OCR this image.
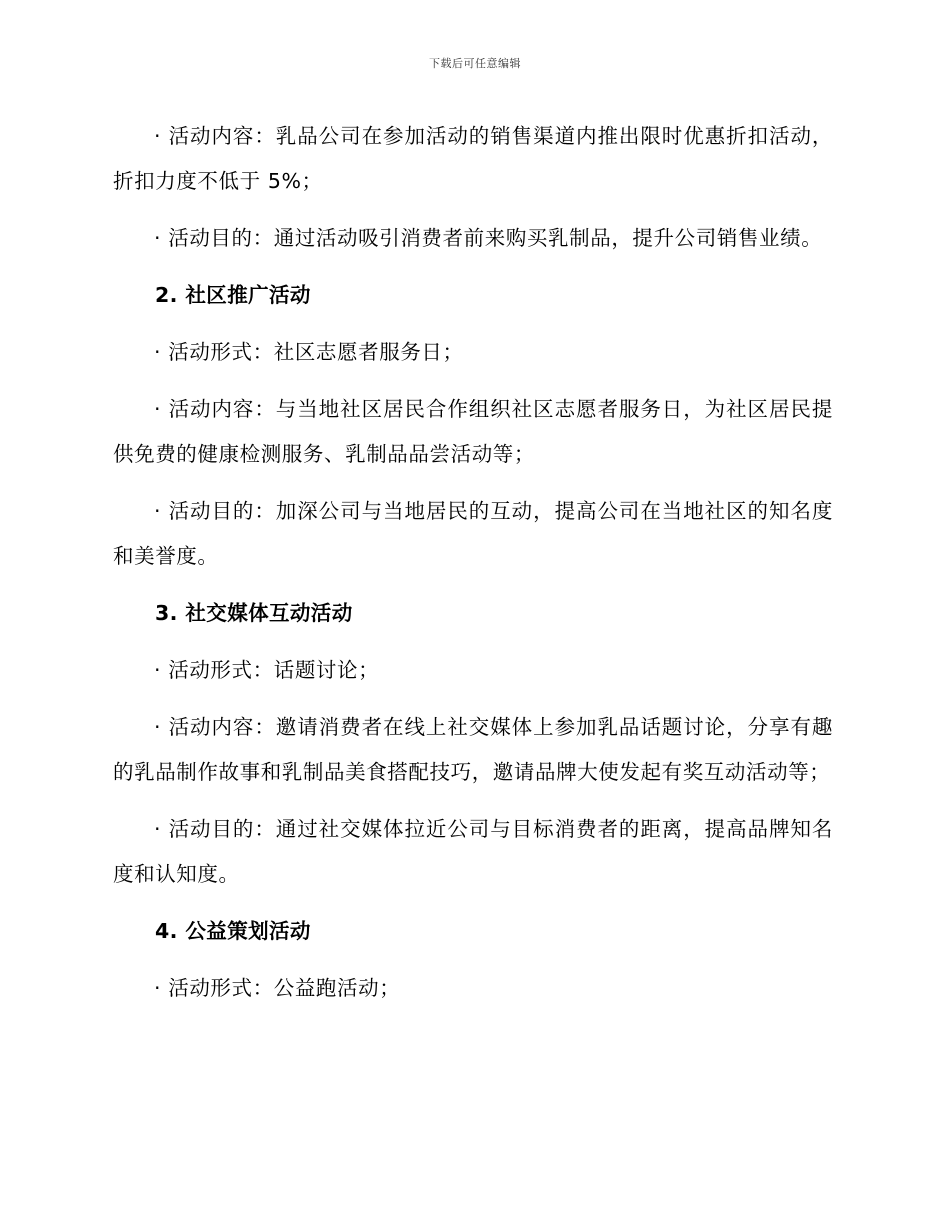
下载后可任意编辑

· 活动内容：乳品公司在参加活动的销售渠道内推出限时优惠折扣活动，折扣力度不低于 5%；

· 活动目的：通过活动吸引消费者前来购买乳制品，提升公司销售业绩。

2. 社区推广活动

· 活动形式：社区志愿者服务日；

· 活动内容：与当地社区居民合作组织社区志愿者服务日，为社区居民提供免费的健康检测服务、乳制品品尝活动等；

· 活动目的：加深公司与当地居民的互动，提高公司在当地社区的知名度和美誉度。

3. 社交媒体互动活动

· 活动形式：话题讨论；

· 活动内容：邀请消费者在线上社交媒体上参加乳品话题讨论，分享有趣的乳品制作故事和乳制品美食搭配技巧，邀请品牌大使发起有奖互动活动等；

· 活动目的：通过社交媒体拉近公司与目标消费者的距离，提高品牌知名度和认知度。

4. 公益策划活动

· 活动形式：公益跑活动；
